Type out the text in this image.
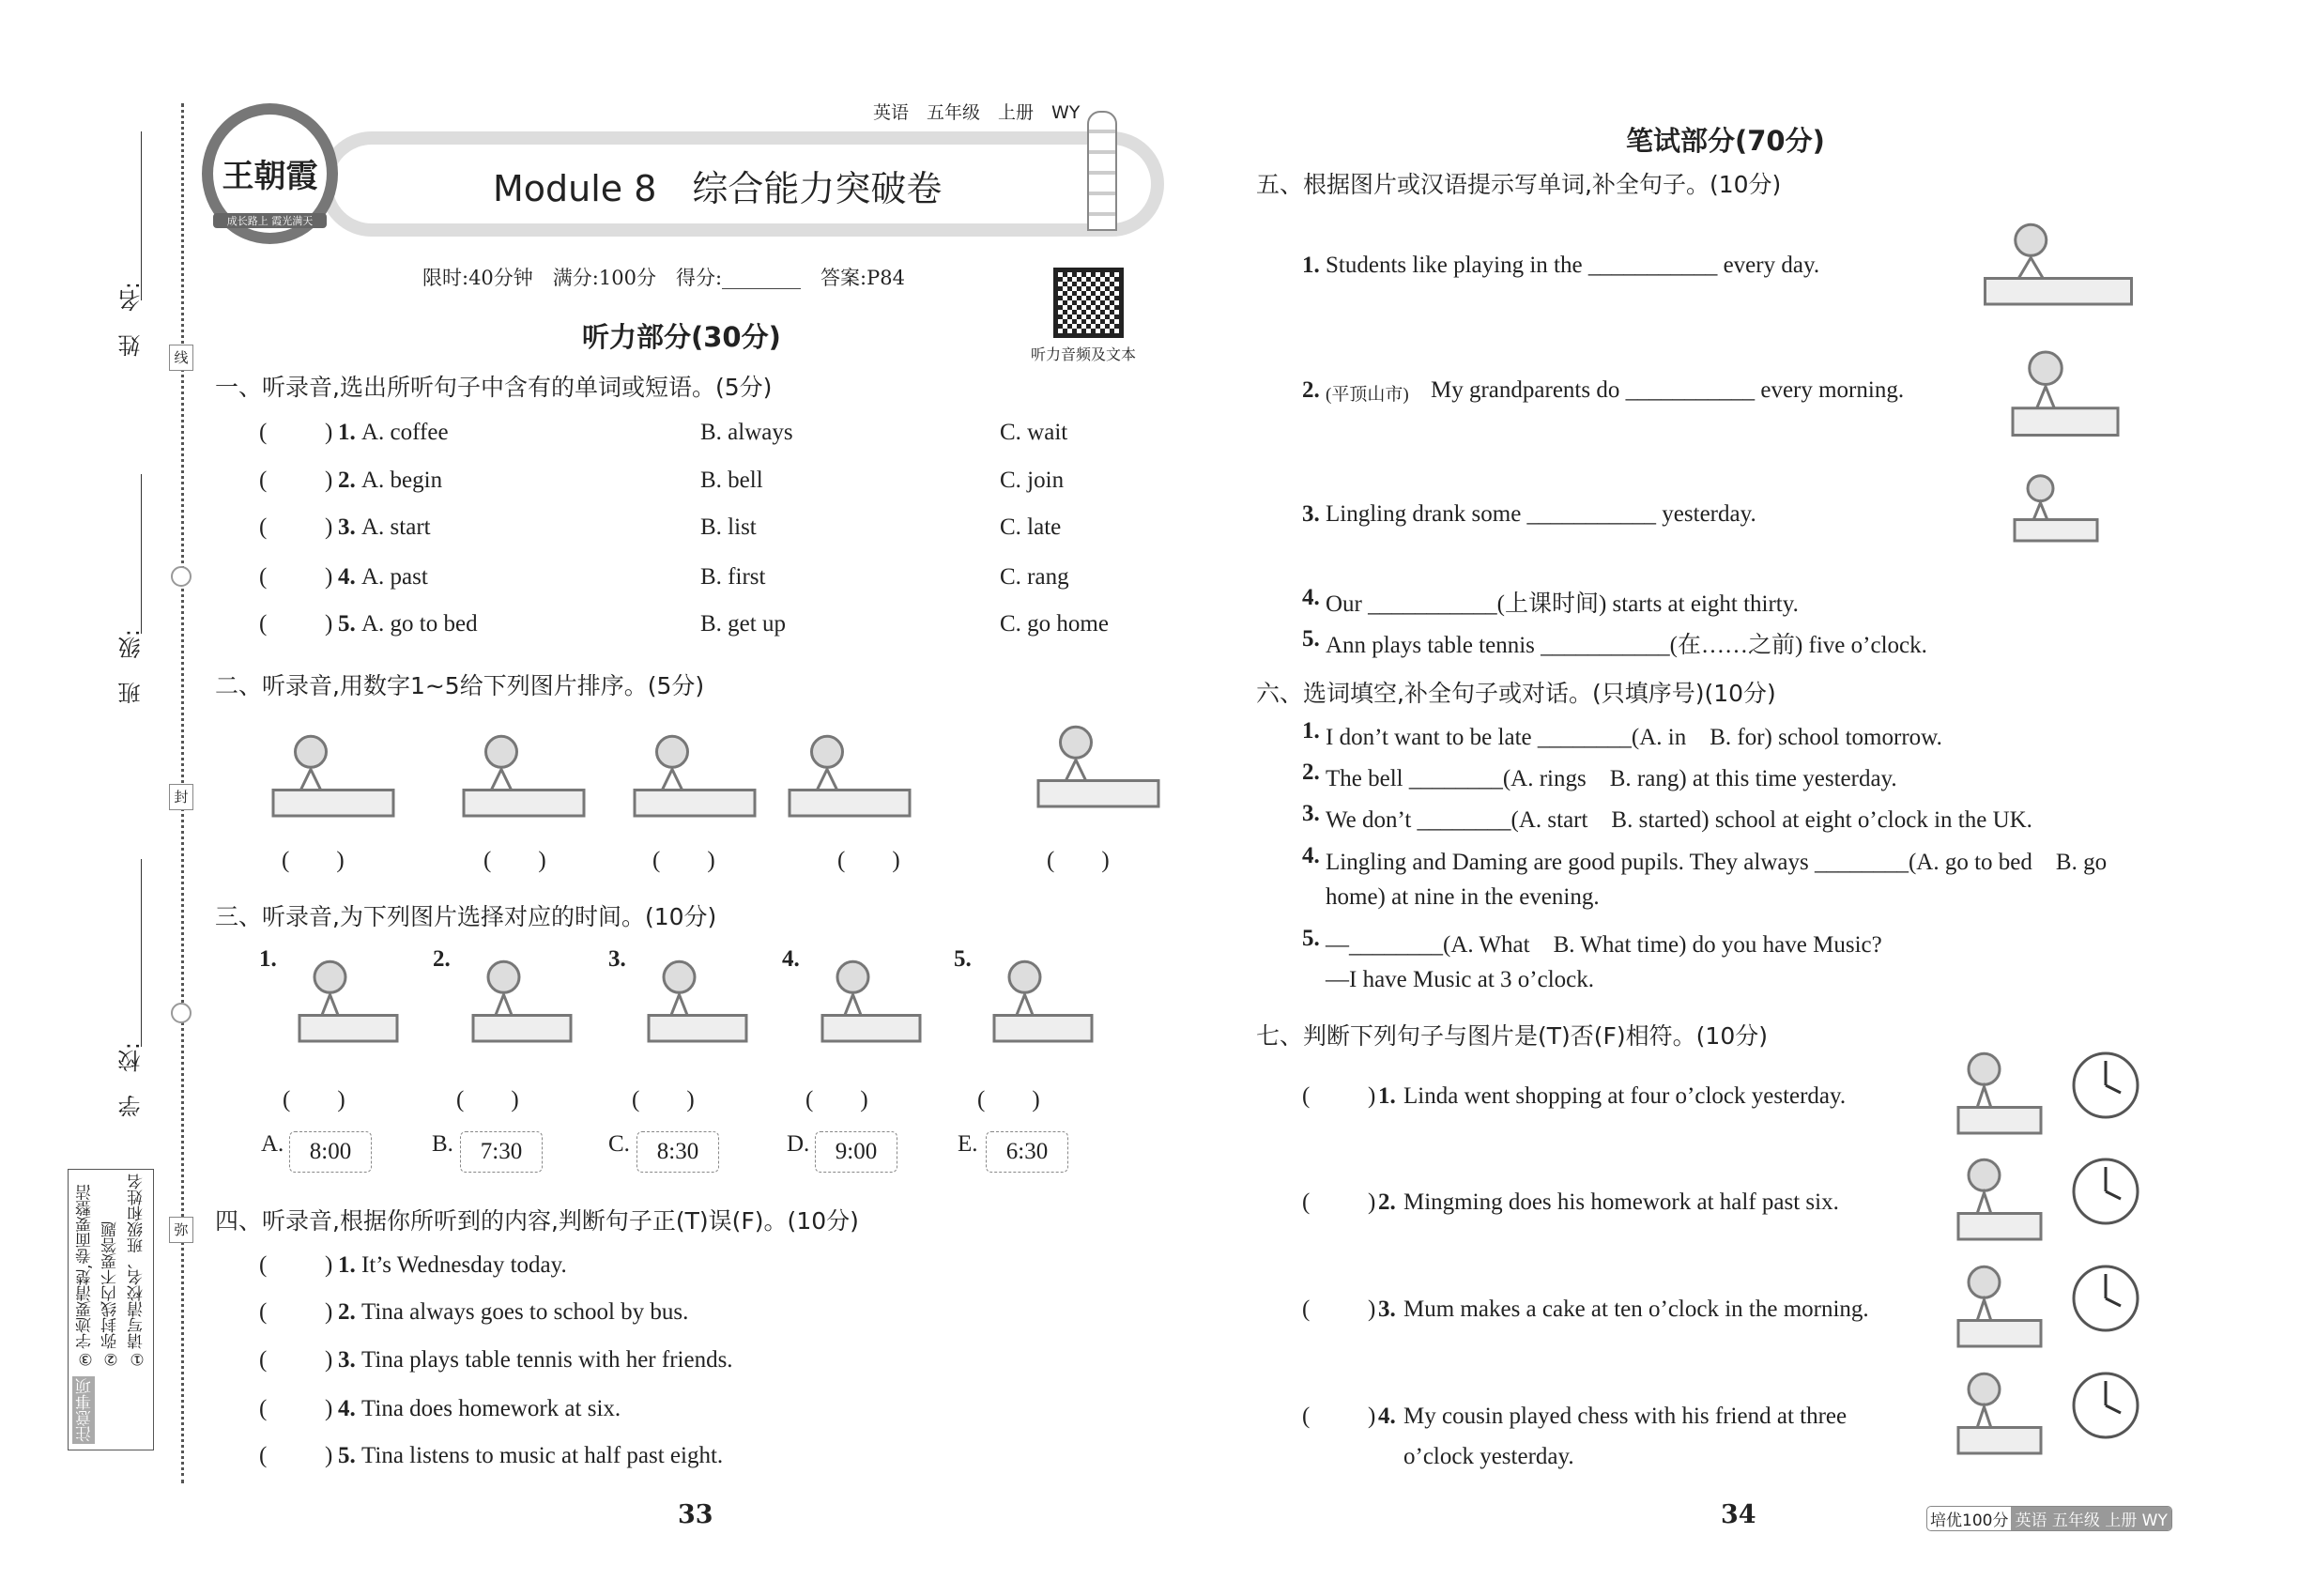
姓　名:
班　级:
学　校:
线
封
弥
①请写清校名、班级和姓名
②弥封线内不要答题
③字迹要清楚,卷面要整洁
注意事项
王朝霞
成长路上 霞光满天
英语　五年级　上册　WY
Module 8　综合能力突破卷
限时:40分钟　满分:100分　得分:________　答案:P84
听力音频及文本
听力部分(30分)
一、听录音,选出所听句子中含有的单词或短语。(5分)
二、听录音,用数字1~5给下列图片排序。(5分)
三、听录音,为下列图片选择对应的时间。(10分)
四、听录音,根据你所听到的内容,判断句子正(T)误(F)。(10分)
33
笔试部分(70分)
五、根据图片或汉语提示写单词,补全句子。(10分)
六、选词填空,补全句子或对话。(只填序号)(10分)
七、判断下列句子与图片是(T)否(F)相符。(10分)
34	培优100分 英语 五年级 上册 WY
( ) 1. A. coffee	B. always	C. wait
( ) 2. A. begin	B. bell	C. join
( ) 3. A. start	B. list	C. late
( ) 4. A. past	B. first	C. rang
( ) 5. A. go to bed	B. get up	C. go home
(　　)	(　　)	(　　)	(　　)	(　　)
1.
(　　)
2.
(　　)
3.
(　　)
4.
(　　)
5.
(　　)
A.	8:00	B.	7:30	C.	8:30	D.	9:00	E.	6:30
( ) 1. It’s Wednesday today.
( ) 2. Tina always goes to school by bus.
( ) 3. Tina plays table tennis with her friends.
( ) 4. Tina does homework at six.
( ) 5. Tina listens to music at half past eight.
1. Students like playing in the ___________ every day.
2. (平顶山市) My grandparents do ___________ every morning.
3. Lingling drank some ___________ yesterday.
4. Our ___________(上课时间) starts at eight thirty.
5. Ann plays table tennis ___________(在……之前) five o’clock.
1. I don’t want to be late ________(A. in　B. for) school tomorrow.
2. The bell ________(A. rings　B. rang) at this time yesterday.
3. We don’t ________(A. start　B. started) school at eight o’clock in the UK.
4. Lingling and Daming are good pupils. They always ________(A. go to bed　B. go
home) at nine in the evening.
5. —________(A. What　B. What time) do you have Music?
—I have Music at 3 o’clock.
( ) 1. Linda went shopping at four o’clock yesterday.
( ) 2. Mingming does his homework at half past six.
( ) 3. Mum makes a cake at ten o’clock in the morning.
( ) 4. My cousin played chess with his friend at three
o’clock yesterday.
